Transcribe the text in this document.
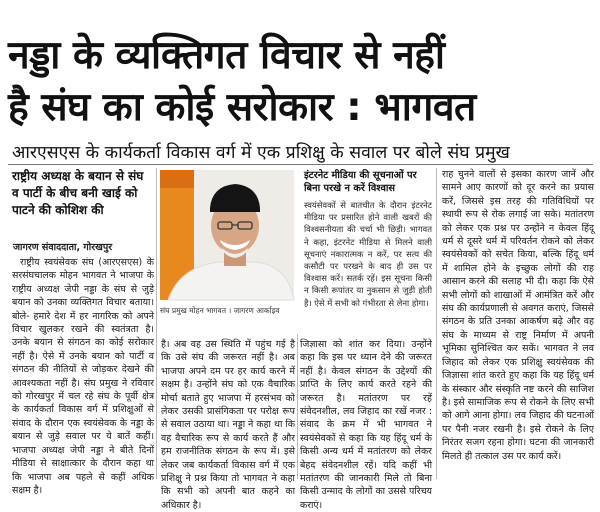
नड्डा के व्यक्तिगत विचार से नहीं
है संघ का कोई सरोकार : भागवत
आरएसएस के कार्यकर्ता विकास वर्ग में एक प्रशिक्षु के सवाल पर बोले संघ प्रमुख
राष्ट्रीय अध्यक्ष के बयान से संघ व पार्टी के बीच बनी खाई को पाटने की कोशिश की
जागरण संवाददाता, गोरखपुर

राष्ट्रीय स्वयंसेवक संघ (आरएसएस) के सरसंघचालक मोहन भागवत ने भाजपा के राष्ट्रीय अध्यक्ष जेपी नड्डा के संघ से जुड़े बयान को उनका व्यक्तिगत विचार बताया। बोले- हमारे देश में हर नागरिक को अपने विचार खुलकर रखने की स्वतंत्रता है। उनके बयान से संगठन का कोई सरोकार नहीं है। ऐसे में उनके बयान को पार्टी व संगठन की नीतियों से जोड़कर देखने की आवश्यकता नहीं है। संघ प्रमुख ने रविवार को गोरखपुर में चल रहे संघ के पूर्वी क्षेत्र के कार्यकर्ता विकास वर्ग में प्रशिक्षुओं से संवाद के दौरान एक स्वयंसेवक के नड्डा के बयान से जुड़े सवाल पर ये बातें कहीं। भाजपा अध्यक्ष जेपी नड्डा ने बीते दिनों मीडिया से साक्षात्कार के दौरान कहा था कि भाजपा अब पहले से कहीं अधिक सक्षम है।

संघ प्रमुख मोहन भागवत । जागरण आर्काइव
इंटरनेट मीडिया की सूचनाओं पर बिना परखे न करें विश्वास

स्वयंसेवकों से बातचीत के दौरान इंटरनेट मीडिया पर प्रसारित होने वाली खबरों की विश्वसनीयता की चर्चा भी छिड़ी। भागवत ने कहा, इंटरनेट मीडिया से मिलने वाली सूचनाएं नकारात्मक न करें, पर सत्य की कसौटी पर परखने के बाद ही उस पर विश्वास करें। सतर्क रहें। इस सूचना किसी न किसी रूपांतर या नुकसान से जुड़ी होती है। ऐसे में सभी को गंभीरता से लेना होगा।

है। अब वह उस स्थिति में पहुंच गई है कि उसे संघ की जरूरत नहीं है। अब भाजपा अपने दम पर हर कार्य करने में सक्षम है। उन्होंने संघ को एक वैचारिक मोर्चा बताते हुए भाजपा में हरसंभव को लेकर उसकी प्रासंगिकता पर परोक्ष रूप से सवाल उठाया था। नड्डा ने कहा था कि वह वैचारिक रूप से कार्य करते हैं और हम राजनीतिक संगठन के रूप में। इसे लेकर जब कार्यकर्ता विकास वर्ग में एक प्रशिक्षु ने प्रश्न किया तो भागवत ने कहा कि सभी को अपनी बात कहने का अधिकार है।

जिज्ञासा को शांत कर दिया। उन्होंने कहा कि इस पर ध्यान देने की जरूरत नहीं है। केवल संगठन के उद्देश्यों की प्राप्ति के लिए कार्य करते रहने की जरूरत है। मतांतरण पर रहें संवेदनशील, लव जिहाद का रखें नजर : संवाद के क्रम में भी भागवत ने स्वयंसेवकों से कहा कि यह हिंदू धर्म के किसी अन्य धर्म में मतांतरण को लेकर बेहद संवेदनशील रहें। यदि कहीं भी मतांतरण की जानकारी मिले तो बिना किसी उन्माद के लोगों का उससे परिचय कराएं।

राह चुनने वालों से इसका कारण जानें और सामने आए कारणों को दूर करने का प्रयास करें, जिससे इस तरह की गतिविधियों पर स्थायी रूप से रोक लगाई जा सके। मतांतरण को लेकर एक प्रश्न पर उन्होंने न केवल हिंदू धर्म से दूसरे धर्म में परिवर्तन रोकने को लेकर स्वयंसेवकों को सचेत किया, बल्कि हिंदू धर्म में शामिल होने के इच्छुक लोगों की राह आसान करने की सलाह भी दी। कहा कि ऐसे सभी लोगों को शाखाओं में आमंत्रित करें और संघ की कार्यप्रणाली से अवगत कराएं, जिससे संगठन के प्रति उनका आकर्षण बढ़े और वह संघ के माध्यम से राष्ट्र निर्माण में अपनी भूमिका सुनिश्चित कर सकें। भागवत ने लव जिहाद को लेकर एक प्रशिक्षु स्वयंसेवक की जिज्ञासा शांत करते हुए कहा कि यह हिंदू धर्म के संस्कार और संस्कृति नष्ट करने की साजिश है। इसे सामाजिक रूप से रोकने के लिए सभी को आगे आना होगा। लव जिहाद की घटनाओं पर पैनी नजर रखनी है। इसे रोकने के लिए निरंतर सजग रहना होगा। घटना की जानकारी मिलते ही तत्काल उस पर कार्य करें।
